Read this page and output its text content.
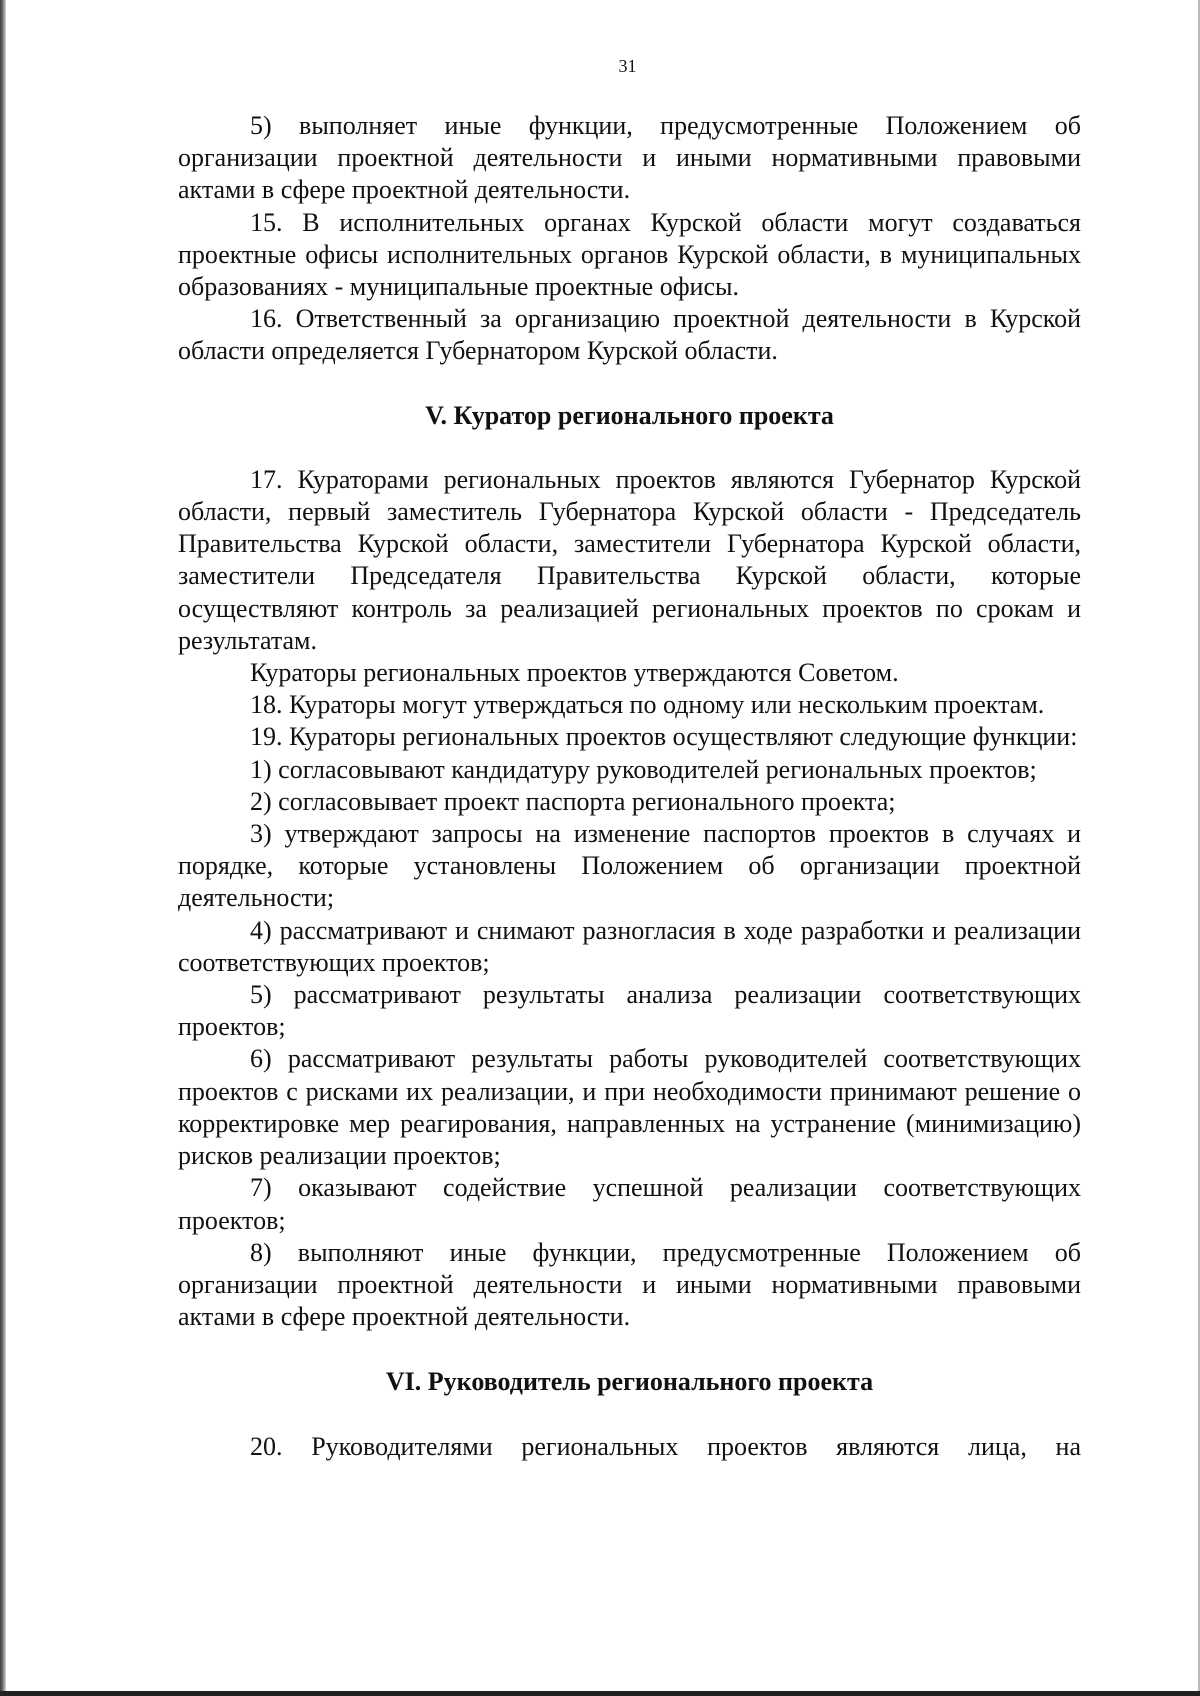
31

5) выполняет иные функции, предусмотренные Положением об организации проектной деятельности и иными нормативными правовыми актами в сфере проектной деятельности.

15. В исполнительных органах Курской области могут создаваться проектные офисы исполнительных органов Курской области, в муниципальных образованиях - муниципальные проектные офисы.

16. Ответственный за организацию проектной деятельности в Курской области определяется Губернатором Курской области.

V. Куратор регионального проекта

17. Кураторами региональных проектов являются Губернатор Курской области, первый заместитель Губернатора Курской области - Председатель Правительства Курской области, заместители Губернатора Курской области, заместители Председателя Правительства Курской области, которые осуществляют контроль за реализацией региональных проектов по срокам и результатам.

Кураторы региональных проектов утверждаются Советом.

18. Кураторы могут утверждаться по одному или нескольким проектам.

19. Кураторы региональных проектов осуществляют следующие функции:

1) согласовывают кандидатуру руководителей региональных проектов;

2) согласовывает проект паспорта регионального проекта;

3) утверждают запросы на изменение паспортов проектов в случаях и порядке, которые установлены Положением об организации проектной деятельности;

4) рассматривают и снимают разногласия в ходе разработки и реализации соответствующих проектов;

5) рассматривают результаты анализа реализации соответствующих проектов;

6) рассматривают результаты работы руководителей соответствующих проектов с рисками их реализации, и при необходимости принимают решение о корректировке мер реагирования, направленных на устранение (минимизацию) рисков реализации проектов;

7) оказывают содействие успешной реализации соответствующих проектов;

8) выполняют иные функции, предусмотренные Положением об организации проектной деятельности и иными нормативными правовыми актами в сфере проектной деятельности.

VI. Руководитель регионального проекта

20. Руководителями региональных проектов являются лица, на
